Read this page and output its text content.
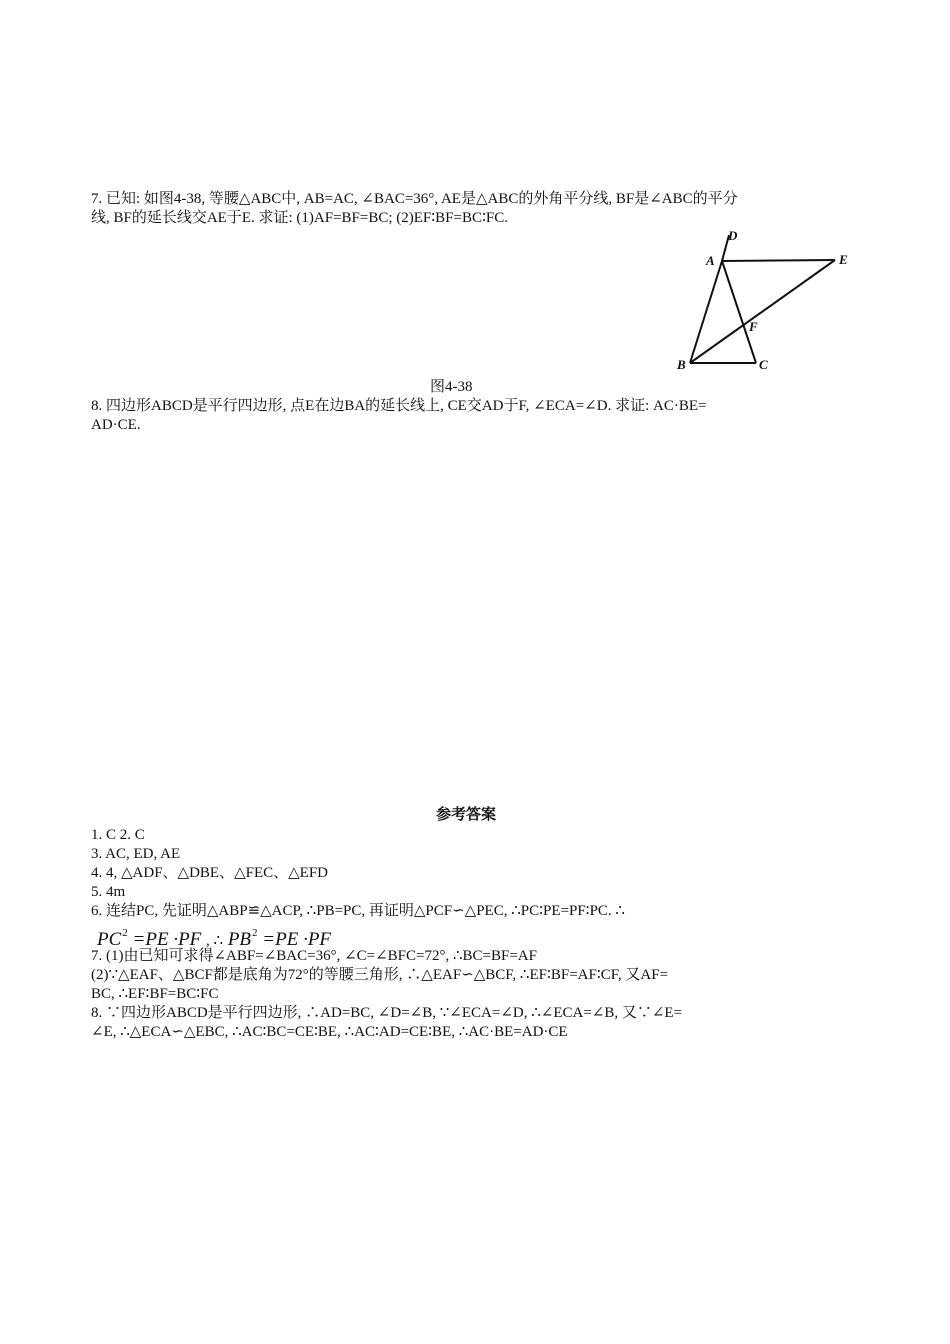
7. 已知: 如图4-38, 等腰△ABC中, AB=AC, ∠BAC=36°, AE是△ABC的外角平分线, BF是∠ABC的平分
线, BF的延长线交AE于E. 求证: (1)AF=BF=BC; (2)EF∶BF=BC∶FC.
D
A	E
F
B	C
图4-38
8. 四边形ABCD是平行四边形, 点E在边BA的延长线上, CE交AD于F, ∠ECA=∠D. 求证: AC·BE=
AD·CE.
参考答案
1. C 2. C
3. AC, ED, AE
4. 4, △ADF、△DBE、△FEC、△EFD
5. 4m
6. 连结PC, 先证明△ABP≌△ACP, ∴PB=PC, 再证明△PCF∽△PEC, ∴PC∶PE=PF∶PC. ∴
$PC^2 =PE \cdot PF$ , ∴ $PB^2 =PE \cdot PF$
7. (1)由已知可求得∠ABF=∠BAC=36°, ∠C=∠BFC=72°, ∴BC=BF=AF
(2)∵△EAF、△BCF都是底角为72°的等腰三角形, ∴△EAF∽△BCF, ∴EF∶BF=AF∶CF, 又AF=
BC, ∴EF∶BF=BC∶FC
8. ∵四边形ABCD是平行四边形, ∴AD=BC, ∠D=∠B, ∵∠ECA=∠D, ∴∠ECA=∠B, 又∵∠E=
∠E, ∴△ECA∽△EBC, ∴AC∶BC=CE∶BE, ∴AC∶AD=CE∶BE, ∴AC·BE=AD·CE
